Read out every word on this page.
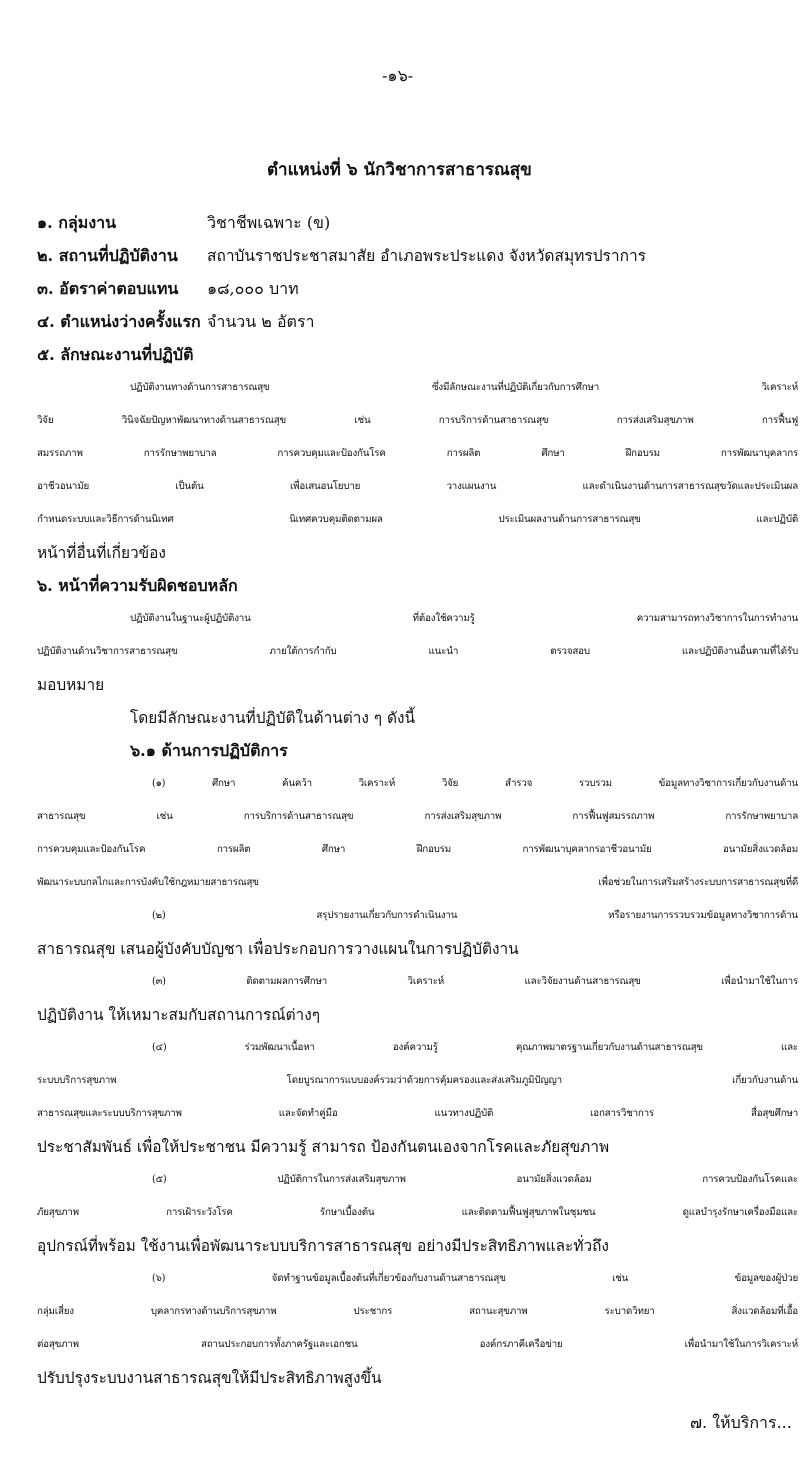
-๑๖-
ตำแหน่งที่ ๖ นักวิชาการสาธารณสุข
๑. กลุ่มงาน	วิชาชีพเฉพาะ (ข)
๒. สถานที่ปฏิบัติงาน สถาบันราชประชาสมาสัย อำเภอพระประแดง จังหวัดสมุทรปราการ
๓. อัตราค่าตอบแทน ๑๘,๐๐๐ บาท
๔. ตำแหน่งว่างครั้งแรก จำนวน ๒ อัตรา
๕. ลักษณะงานที่ปฏิบัติ
ปฏิบัติงานทางด้านการสาธารณสุข ซึ่งมีลักษณะงานที่ปฏิบัติเกี่ยวกับการศึกษา วิเคราะห์
วิจัย วินิจฉัยปัญหาพัฒนาทางด้านสาธารณสุข เช่น การบริการด้านสาธารณสุข การส่งเสริมสุขภาพ การฟื้นฟู
สมรรถภาพ การรักษาพยาบาล การควบคุมและป้องกันโรค การผลิต ศึกษา ฝึกอบรม การพัฒนาบุคลากร
อาชีวอนามัย เป็นต้น เพื่อเสนอนโยบาย วางแผนงาน และดำเนินงานด้านการสาธารณสุขวัดและประเมินผล
กำหนดระบบและวิธีการด้านนิเทศ นิเทศควบคุมติดตามผล ประเมินผลงานด้านการสาธารณสุข และปฏิบัติ
หน้าที่อื่นที่เกี่ยวข้อง
๖. หน้าที่ความรับผิดชอบหลัก
ปฏิบัติงานในฐานะผู้ปฏิบัติงาน ที่ต้องใช้ความรู้ ความสามารถทางวิชาการในการทำงาน
ปฏิบัติงานด้านวิชาการสาธารณสุข ภายใต้การกำกับ แนะนำ ตรวจสอบ และปฏิบัติงานอื่นตามที่ได้รับ
มอบหมาย
โดยมีลักษณะงานที่ปฏิบัติในด้านต่าง ๆ ดังนี้
๖.๑ ด้านการปฏิบัติการ
(๑) ศึกษา ค้นคว้า วิเคราะห์ วิจัย สำรวจ รวบรวม ข้อมูลทางวิชาการเกี่ยวกับงานด้าน
สาธารณสุข เช่น การบริการด้านสาธารณสุข การส่งเสริมสุขภาพ การฟื้นฟูสมรรถภาพ การรักษาพยาบาล
การควบคุมและป้องกันโรค การผลิต ศึกษา ฝึกอบรม การพัฒนาบุคลากรอาชีวอนามัย อนามัยสิ่งแวดล้อม
พัฒนาระบบกลไกและการบังคับใช้กฎหมายสาธารณสุข เพื่อช่วยในการเสริมสร้างระบบการสาธารณสุขที่ดี
(๒) สรุปรายงานเกี่ยวกับการดำเนินงาน หรือรายงานการรวบรวมข้อมูลทางวิชาการด้าน
สาธารณสุข เสนอผู้บังคับบัญชา เพื่อประกอบการวางแผนในการปฏิบัติงาน
(๓) ติดตามผลการศึกษา วิเคราะห์ และวิจัยงานด้านสาธารณสุข เพื่อนำมาใช้ในการ
ปฏิบัติงาน ให้เหมาะสมกับสถานการณ์ต่างๆ
(๔) ร่วมพัฒนาเนื้อหา องค์ความรู้ คุณภาพมาตรฐานเกี่ยวกับงานด้านสาธารณสุข และ
ระบบบริการสุขภาพ โดยบูรณาการแบบองค์รวมว่าด้วยการคุ้มครองและส่งเสริมภูมิปัญญา เกี่ยวกับงานด้าน
สาธารณสุขและระบบบริการสุขภาพ และจัดทำคู่มือ แนวทางปฏิบัติ เอกสารวิชาการ สื่อสุขศึกษา
ประชาสัมพันธ์ เพื่อให้ประชาชน มีความรู้ สามารถ ป้องกันตนเองจากโรคและภัยสุขภาพ
(๕) ปฏิบัติการในการส่งเสริมสุขภาพ อนามัยสิ่งแวดล้อม การควบป้องกันโรคและ
ภัยสุขภาพ การเฝ้าระวังโรค รักษาเบื้องต้น และติดตามฟื้นฟูสุขภาพในชุมชน ดูแลบำรุงรักษาเครื่องมือและ
อุปกรณ์ที่พร้อม ใช้งานเพื่อพัฒนาระบบบริการสาธารณสุข อย่างมีประสิทธิภาพและทั่วถึง
(๖) จัดทำฐานข้อมูลเบื้องต้นที่เกี่ยวข้องกับงานด้านสาธารณสุข เช่น ข้อมูลของผู้ป่วย
กลุ่มเสี่ยง บุคลากรทางด้านบริการสุขภาพ ประชากร สถานะสุขภาพ ระบาดวิทยา สิ่งแวดล้อมที่เอื้อ
ต่อสุขภาพ สถานประกอบการทั้งภาครัฐและเอกชน องค์กรภาคีเครือข่าย เพื่อนำมาใช้ในการวิเคราะห์
ปรับปรุงระบบงานสาธารณสุขให้มีประสิทธิภาพสูงขึ้น
๗. ให้บริการ...
